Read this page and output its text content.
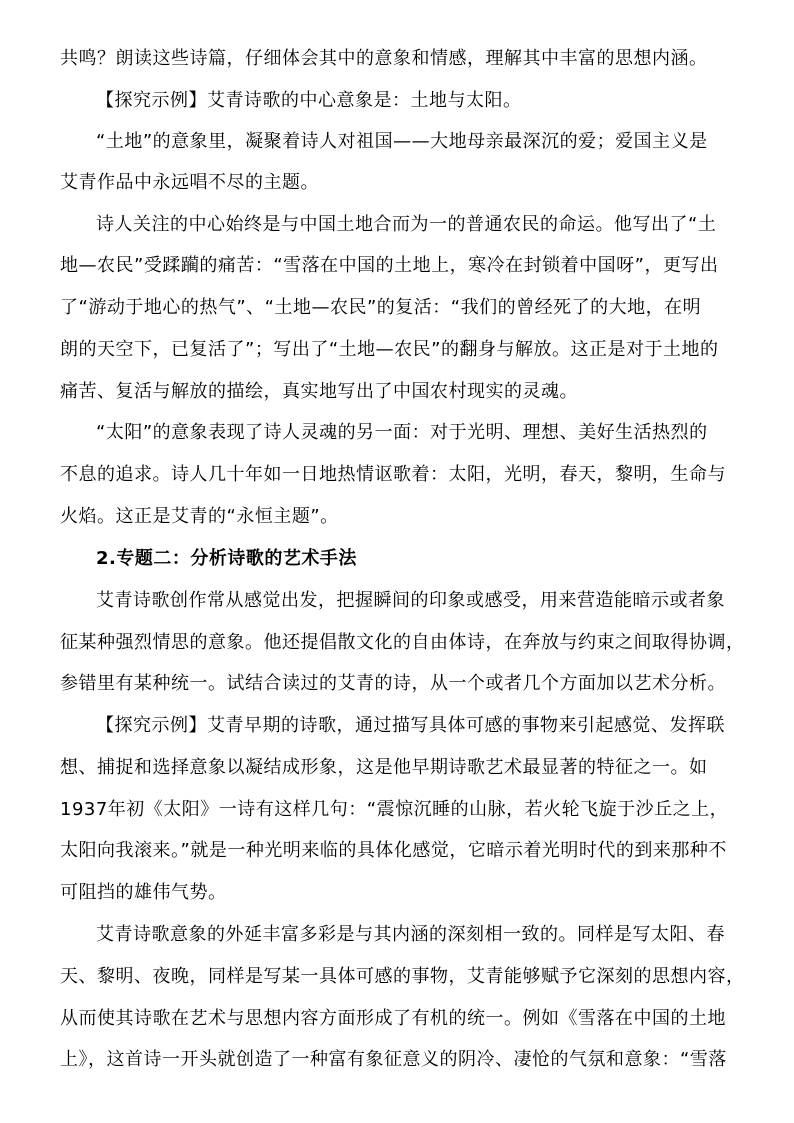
共鸣？朗读这些诗篇，仔细体会其中的意象和情感，理解其中丰富的思想内涵。
【探究示例】艾青诗歌的中心意象是：土地与太阳。
“土地”的意象里，凝聚着诗人对祖国——大地母亲最深沉的爱；爱国主义是
艾青作品中永远唱不尽的主题。
诗人关注的中心始终是与中国土地合而为一的普通农民的命运。他写出了“土
地—农民”受蹂躏的痛苦：“雪落在中国的土地上，寒冷在封锁着中国呀”，更写出
了“游动于地心的热气”、“土地—农民”的复活：“我们的曾经死了的大地，在明
朗的天空下，已复活了”；写出了“土地—农民”的翻身与解放。这正是对于土地的
痛苦、复活与解放的描绘，真实地写出了中国农村现实的灵魂。
“太阳”的意象表现了诗人灵魂的另一面：对于光明、理想、美好生活热烈的
不息的追求。诗人几十年如一日地热情讴歌着：太阳，光明，春天，黎明，生命与
火焰。这正是艾青的“永恒主题”。
2.专题二：分析诗歌的艺术手法
艾青诗歌创作常从感觉出发，把握瞬间的印象或感受，用来营造能暗示或者象
征某种强烈情思的意象。他还提倡散文化的自由体诗，在奔放与约束之间取得协调，
参错里有某种统一。试结合读过的艾青的诗，从一个或者几个方面加以艺术分析。
【探究示例】艾青早期的诗歌，通过描写具体可感的事物来引起感觉、发挥联
想、捕捉和选择意象以凝结成形象，这是他早期诗歌艺术最显著的特征之一。如
1937年初《太阳》一诗有这样几句：“震惊沉睡的山脉，若火轮飞旋于沙丘之上，
太阳向我滚来。”就是一种光明来临的具体化感觉，它暗示着光明时代的到来那种不
可阻挡的雄伟气势。
艾青诗歌意象的外延丰富多彩是与其内涵的深刻相一致的。同样是写太阳、春
天、黎明、夜晚，同样是写某一具体可感的事物，艾青能够赋予它深刻的思想内容，
从而使其诗歌在艺术与思想内容方面形成了有机的统一。例如《雪落在中国的土地
上》，这首诗一开头就创造了一种富有象征意义的阴冷、凄怆的气氛和意象：“雪落
